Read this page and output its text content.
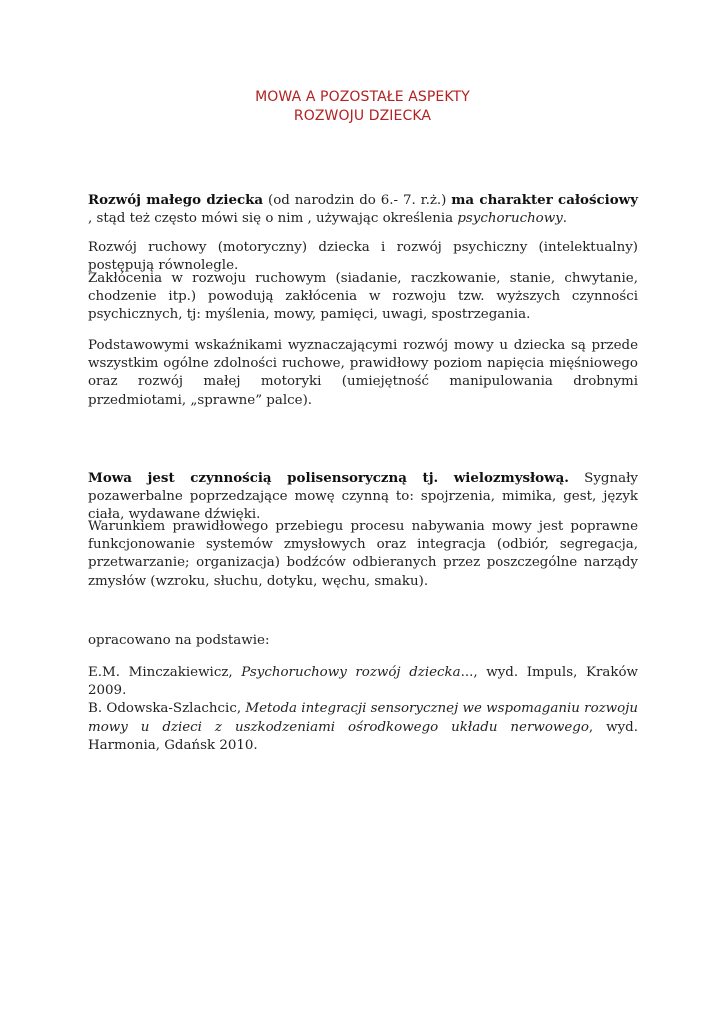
MOWA A POZOSTAŁE ASPEKTY
ROZWOJU DZIECKA

Rozwój małego dziecka (od narodzin do 6.- 7. r.ż.) ma charakter całościowy , stąd też często mówi się o nim , używając określenia psychoruchowy.

Rozwój ruchowy (motoryczny) dziecka i rozwój psychiczny (intelektualny) postępują równolegle.

Zakłócenia w rozwoju ruchowym (siadanie, raczkowanie, stanie, chwytanie, chodzenie itp.) powodują zakłócenia w rozwoju tzw. wyższych czynności psychicznych, tj: myślenia, mowy, pamięci, uwagi, spostrzegania.

Podstawowymi wskaźnikami wyznaczającymi rozwój mowy u dziecka są przede wszystkim ogólne zdolności ruchowe, prawidłowy poziom napięcia mięśniowego oraz rozwój małej motoryki (umiejętność manipulowania drobnymi przedmiotami, „sprawne” palce).

Mowa jest czynnością polisensoryczną tj. wielozmysłową. Sygnały pozawerbalne poprzedzające mowę czynną to: spojrzenia, mimika, gest, język ciała, wydawane dźwięki.

Warunkiem prawidłowego przebiegu procesu nabywania mowy jest poprawne funkcjonowanie systemów zmysłowych oraz integracja (odbiór, segregacja, przetwarzanie; organizacja) bodźców odbieranych przez poszczególne narządy zmysłów (wzroku, słuchu, dotyku, węchu, smaku).

opracowano na podstawie:

E.M. Minczakiewicz, Psychoruchowy rozwój dziecka..., wyd. Impuls, Kraków 2009.

B. Odowska-Szlachcic, Metoda integracji sensorycznej we wspomaganiu rozwoju mowy u dzieci z uszkodzeniami ośrodkowego układu nerwowego, wyd. Harmonia, Gdańsk 2010.
